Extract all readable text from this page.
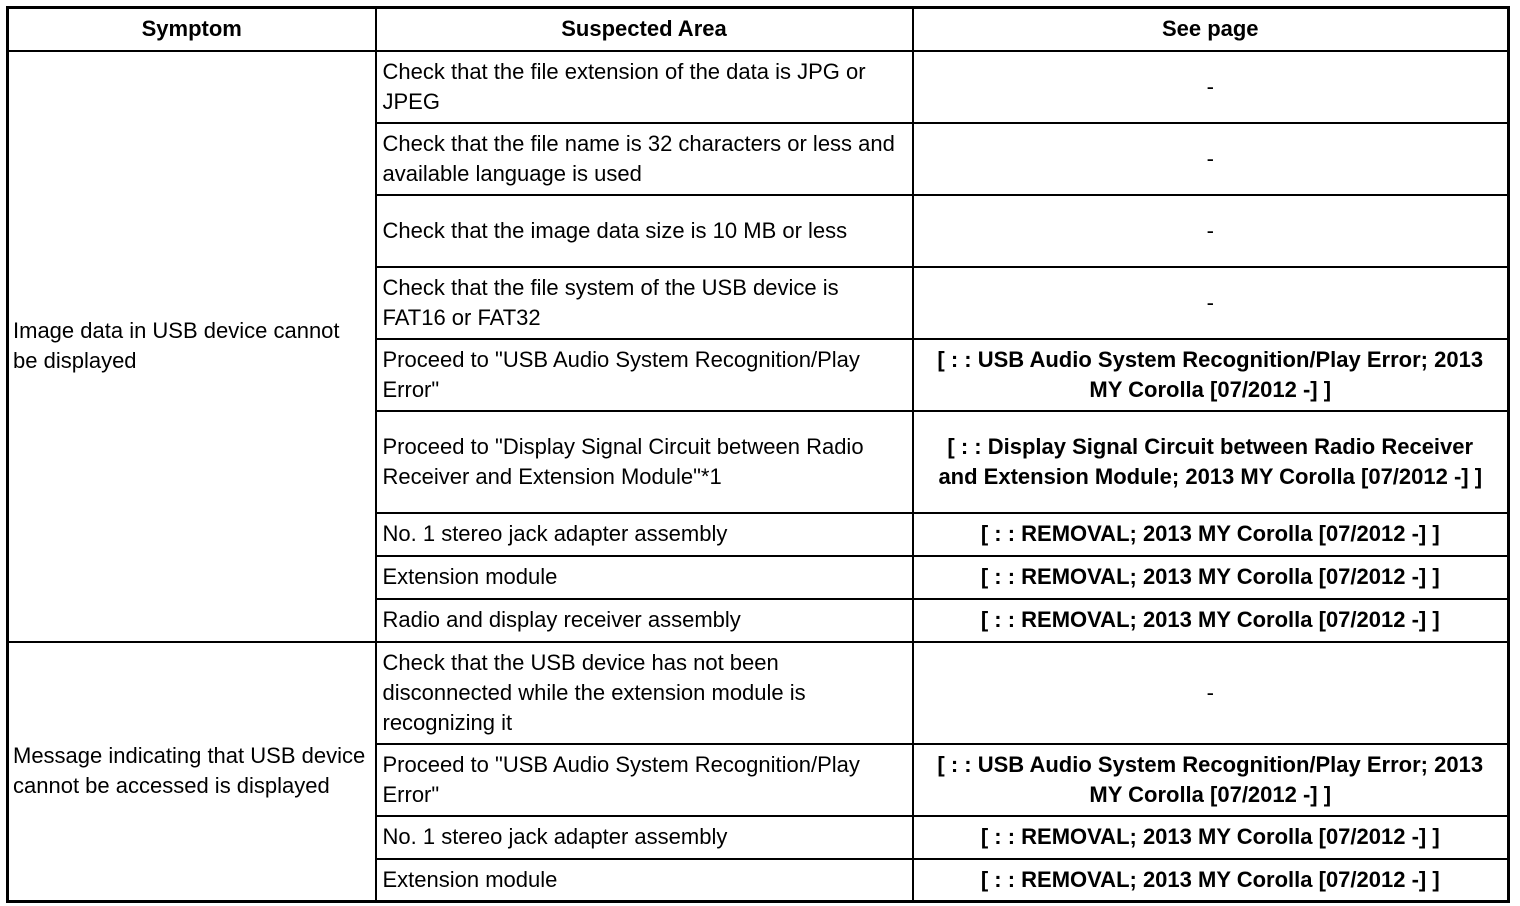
Symptom	Suspected Area	See page
Image data in USB device cannot be displayed	Check that the file extension of the data is JPG or JPEG	-
	Check that the file name is 32 characters or less and available language is used	-
	Check that the image data size is 10 MB or less	-
	Check that the file system of the USB device is FAT16 or FAT32	-
	Proceed to "USB Audio System Recognition/Play Error"	[ : : USB Audio System Recognition/Play Error; 2013 MY Corolla [07/2012 -] ]
	Proceed to "Display Signal Circuit between Radio Receiver and Extension Module"*1	[ : : Display Signal Circuit between Radio Receiver and Extension Module; 2013 MY Corolla [07/2012 -] ]
	No. 1 stereo jack adapter assembly	[ : : REMOVAL; 2013 MY Corolla [07/2012 -] ]
	Extension module	[ : : REMOVAL; 2013 MY Corolla [07/2012 -] ]
	Radio and display receiver assembly	[ : : REMOVAL; 2013 MY Corolla [07/2012 -] ]
Message indicating that USB device cannot be accessed is displayed	Check that the USB device has not been disconnected while the extension module is recognizing it	-
	Proceed to "USB Audio System Recognition/Play Error"	[ : : USB Audio System Recognition/Play Error; 2013 MY Corolla [07/2012 -] ]
	No. 1 stereo jack adapter assembly	[ : : REMOVAL; 2013 MY Corolla [07/2012 -] ]
	Extension module	[ : : REMOVAL; 2013 MY Corolla [07/2012 -] ]
